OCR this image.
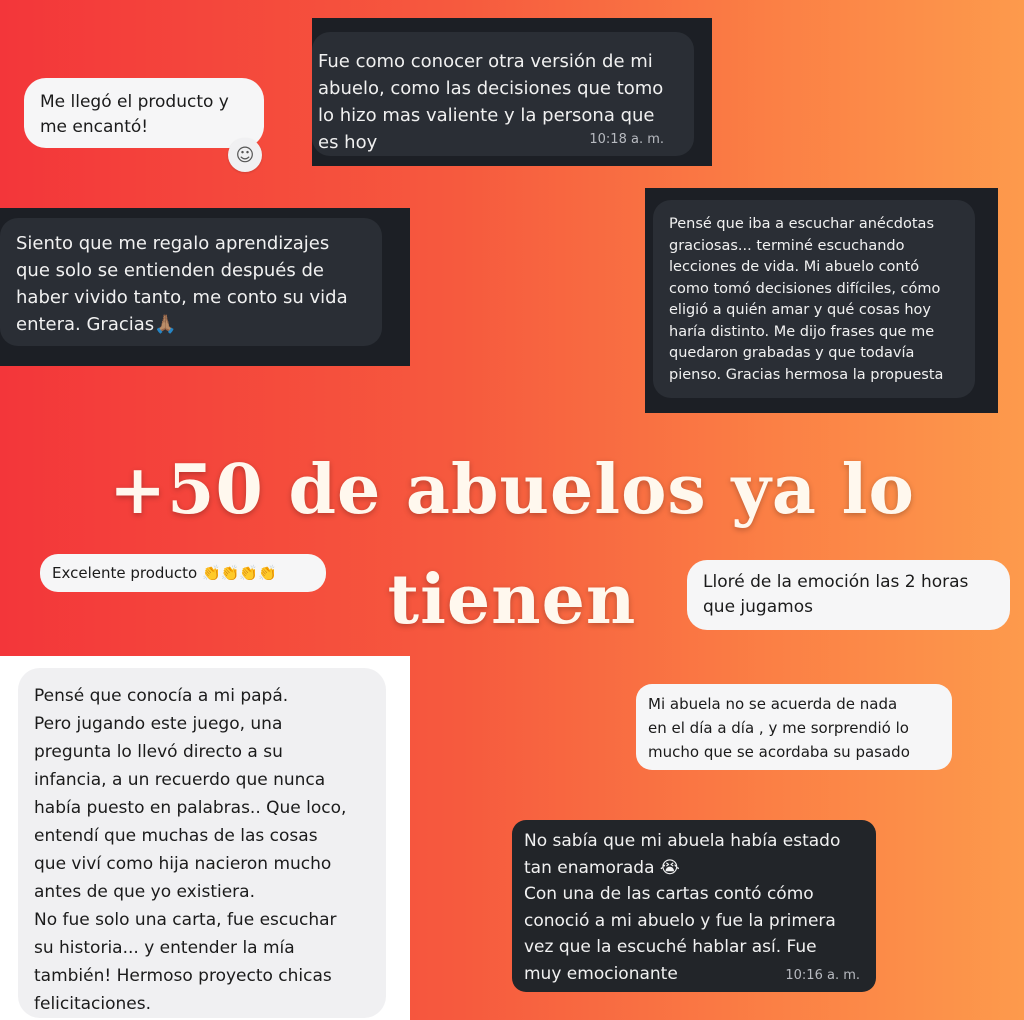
Me llegó el producto y
me encantó!
☺
Fue como conocer otra versión de mi
abuelo, como las decisiones que tomo
lo hizo mas valiente y la persona que
es hoy	10:18 a. m.
Siento que me regalo aprendizajes
que solo se entienden después de
haber vivido tanto, me conto su vida
entera. Gracias🙏🏽
Pensé que iba a escuchar anécdotas
graciosas... terminé escuchando
lecciones de vida. Mi abuelo contó
como tomó decisiones difíciles, cómo
eligió a quién amar y qué cosas hoy
haría distinto. Me dijo frases que me
quedaron grabadas y que todavía
pienso. Gracias hermosa la propuesta
+50 de abuelos ya lo
tienen
Excelente producto 👏👏👏👏	Lloré de la emoción las 2 horas
que jugamos
Pensé que conocía a mi papá.
Pero jugando este juego, una
pregunta lo llevó directo a su
infancia, a un recuerdo que nunca
había puesto en palabras.. Que loco,
entendí que muchas de las cosas
que viví como hija nacieron mucho
antes de que yo existiera.
No fue solo una carta, fue escuchar
su historia... y entender la mía
también! Hermoso proyecto chicas
felicitaciones.
Mi abuela no se acuerda de nada
en el día a día , y me sorprendió lo
mucho que se acordaba su pasado
No sabía que mi abuela había estado
tan enamorada 😭
Con una de las cartas contó cómo
conoció a mi abuelo y fue la primera
vez que la escuché hablar así. Fue
muy emocionante	10:16 a. m.
